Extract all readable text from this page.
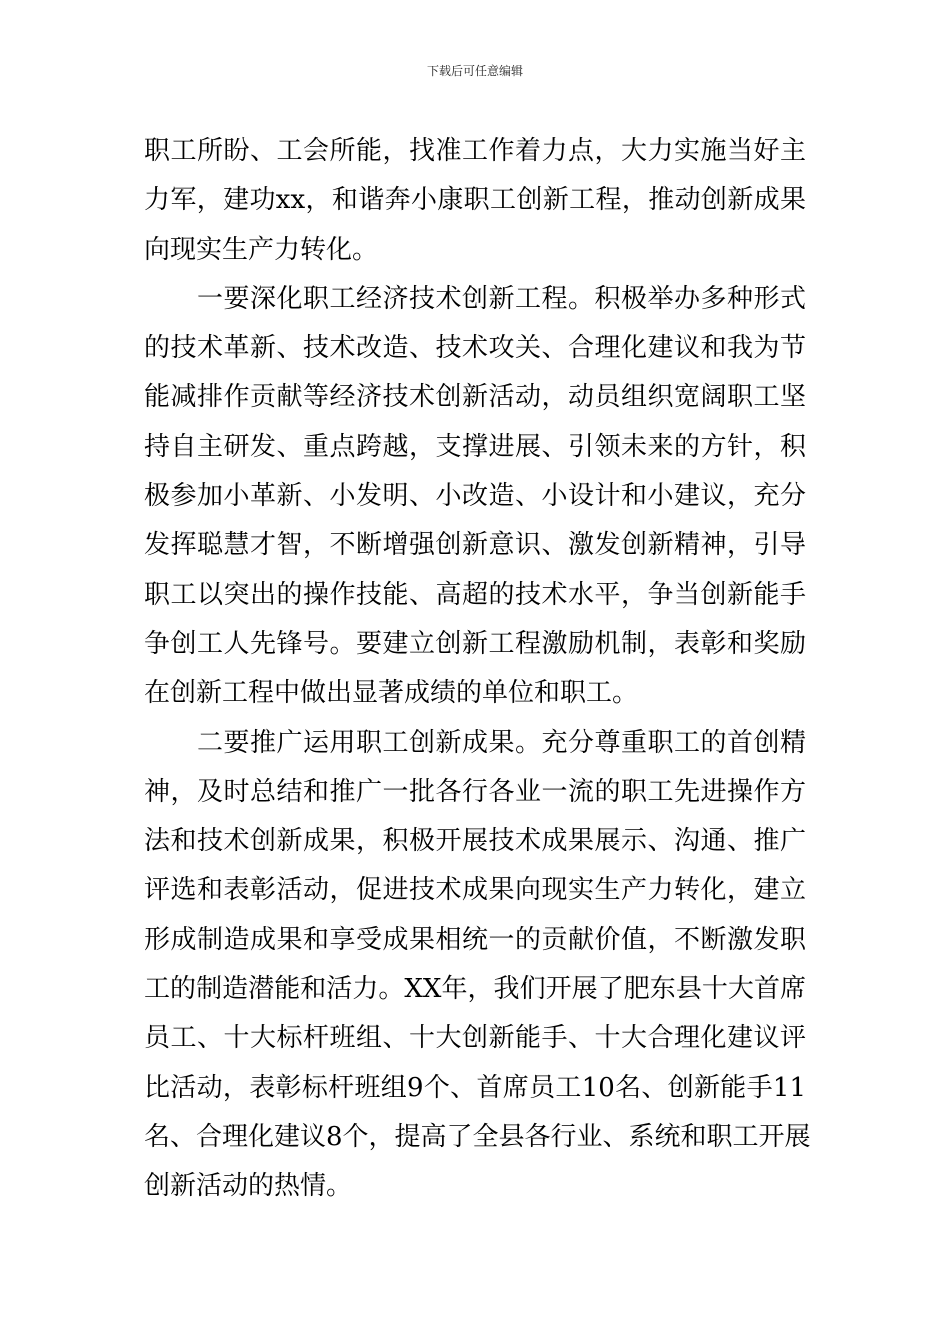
下载后可任意编辑
职工所盼、工会所能，找准工作着力点，大力实施当好主
力军，建功xx，和谐奔小康职工创新工程，推动创新成果
向现实生产力转化。
一要深化职工经济技术创新工程。积极举办多种形式
的技术革新、技术改造、技术攻关、合理化建议和我为节
能减排作贡献等经济技术创新活动，动员组织宽阔职工坚
持自主研发、重点跨越，支撑进展、引领未来的方针，积
极参加小革新、小发明、小改造、小设计和小建议，充分
发挥聪慧才智，不断增强创新意识、激发创新精神，引导
职工以突出的操作技能、高超的技术水平，争当创新能手
争创工人先锋号。要建立创新工程激励机制，表彰和奖励
在创新工程中做出显著成绩的单位和职工。
二要推广运用职工创新成果。充分尊重职工的首创精
神，及时总结和推广一批各行各业一流的职工先进操作方
法和技术创新成果，积极开展技术成果展示、沟通、推广
评选和表彰活动，促进技术成果向现实生产力转化，建立
形成制造成果和享受成果相统一的贡献价值，不断激发职
工的制造潜能和活力。XX年，我们开展了肥东县十大首席
员工、十大标杆班组、十大创新能手、十大合理化建议评
比活动，表彰标杆班组9个、首席员工10名、创新能手11
名、合理化建议8个，提高了全县各行业、系统和职工开展
创新活动的热情。
